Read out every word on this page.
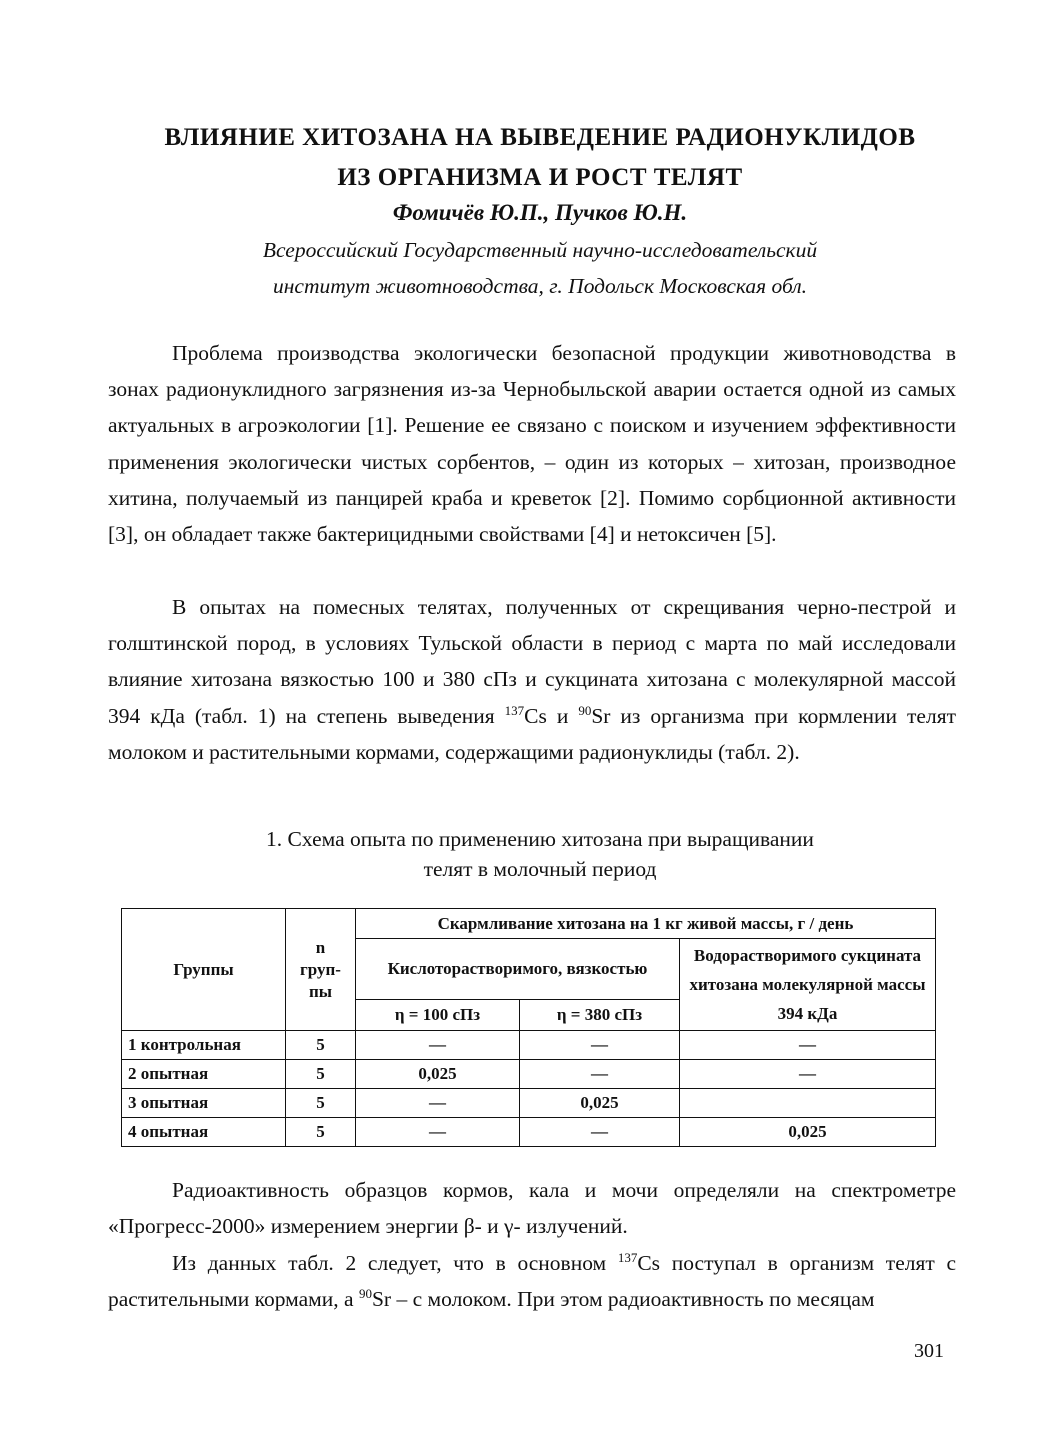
ВЛИЯНИЕ ХИТОЗАНА НА ВЫВЕДЕНИЕ РАДИОНУКЛИДОВ
ИЗ ОРГАНИЗМА И РОСТ ТЕЛЯТ
Фомичёв Ю.П., Пучков Ю.Н.
Всероссийский Государственный научно-исследовательский
институт животноводства, г. Подольск Московская обл.

Проблема производства экологически безопасной продукции животноводства в зонах радионуклидного загрязнения из-за Чернобыльской аварии остается одной из самых актуальных в агроэкологии [1]. Решение ее связано с поиском и изучением эффективности применения экологически чистых сорбентов, – один из которых – хитозан, производное хитина, получаемый из панцирей краба и креветок [2]. Помимо сорбционной активности [3], он обладает также бактерицидными свойствами [4] и нетоксичен [5].

В опытах на помесных телятах, полученных от скрещивания черно-пестрой и голштинской пород, в условиях Тульской области в период с марта по май исследовали влияние хитозана вязкостью 100 и 380 сПз и сукцината хитозана с молекулярной массой 394 кДа (табл. 1) на степень выведения $^{137}$Cs и $^{90}$Sr из организма при кормлении телят молоком и растительными кормами, содержащими радионуклиды (табл. 2).

1. Схема опыта по применению хитозана при выращивании
телят в молочный период
Группы	n
груп-
пы	Скармливание хитозана на 1 кг живой массы, г / день		
		Кислоторастворимого, вязкостью		Водорастворимого сукцината хитозана молекулярной массы 394 кДа
		η = 100 сПз	η = 380 сПз	
1 контрольная	5	—	—	—
2 опытная	5	0,025	—	—
3 опытная	5	—	0,025	
4 опытная	5	—	—	0,025

Радиоактивность образцов кормов, кала и мочи определяли на спектрометре «Прогресс-2000» измерением энергии β- и γ- излучений.

Из данных табл. 2 следует, что в основном $^{137}$Cs поступал в организм телят с растительными кормами, а $^{90}$Sr – с молоком. При этом радиоактивность по месяцам

301
